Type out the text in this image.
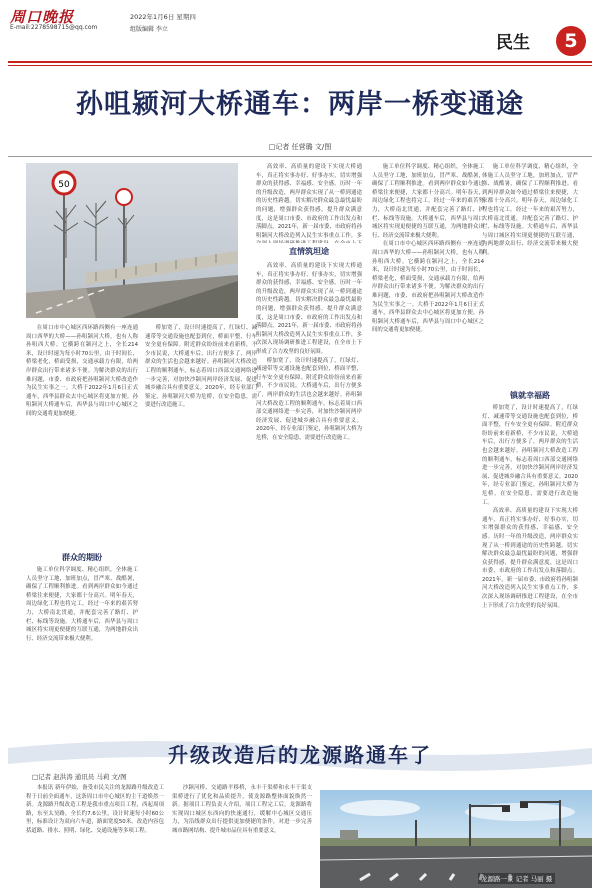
周口晚报
E-mail:2278598715@qq.com
2022年1月6日 星期四
组版编辑 李立
民生	5
孙咀颍河大桥通车：两岸一桥变通途
□记者 任营璐 文/图
50

在周口市中心城区西环路西侧有一座连通周口西华的大桥——孙咀颍河大桥，也有人称孙咀西大桥。它横跨在颍河之上，全长214米，设计时速为每小时70公里，由于时间长，桥梁老化，桥面受损，交通承载力有限，给两岸群众出行带来诸多不便。为解决群众的出行难问题，市委、市政府把孙咀颍河大桥改造作为民生实事之一。大桥于2022年1月6日正式通车，西华县群众去中心城区将更加方便。孙咀颍河大桥通车后，西华县与周口中心城区之间的交通将更加便捷。

群众的期盼

施工单位科学调度、精心组织，全体施工人员坚守工地，加班加点，冒严寒、战酷暑，确保了工程顺利推进。看到两岸群众如今通过桥梁往来便捷，大家都十分高兴。明年春天，周边绿化工程也将完工。经过一年来的艰苦努力，大桥南北贯通，并配套完善了路灯、护栏、标线等设施。大桥通车后，西华县与周口城区将实现更便捷的互联互通，为两地群众出行、经济交流带来极大便利。

桥加宽了，设计时速提高了，红绿灯、减速带等交通设施也配套到位，桥面平整，行车安全更有保障。附近群众纷纷前来看新桥，不少市民说，大桥通车后，出行方便多了，两岸群众的生活也会越来越好。孙咀颍河大桥改造工程的顺利通车，标志着周口西部交通网络进一步完善，对加快沙颍河两岸经济发展、促进城乡融合具有重要意义。2020年，经专业部门鉴定，孙咀颍河大桥为危桥，在安全隐患，需要进行改造施工。

高效率、高质量的建设下实现大桥通车，真正将实事办好、好事办实，切实增强群众的获得感、幸福感、安全感。历时一年的升级改造，两岸群众实现了从一桥到通途的历史性跨越。切实解决群众最急最忧最盼的问题，增强群众获得感，提升群众满意度，这是周口市委、市政府的工作出发点和落脚点。2021年，新一届市委、市政府将孙咀颍河大桥改造列入民生实事重点工作，多

直情筑坦途

高效率、高质量的建设下实现大桥通车，真正将实事办好、好事办实，切实增强群众的获得感、幸福感、安全感。历时一年的升级改造，两岸群众实现了从一桥到通途的历史性跨越。切实解决群众最急最忧最盼的问题，增强群众获得感，提升群众满意度，这是周口市委、市政府的工作出发点和落脚点。2021年，新一届市委、市政府将孙咀颍河大桥改造列入民生实事重点工作，多次深入现场调研推进工程建设，在全市上下形成了合力攻坚的良好氛围。

桥加宽了，设计时速提高了，红绿灯、减速带等交通设施也配套到位，桥面平整，行车安全更有保障。附近群众纷纷前来看新桥，不少市民说，大桥通车后，出行方便多了，两岸群众的生活也会越来越好。孙咀颍河大桥改造工程的顺利通车，标志着周口西部交通网络进一步完善，对加快沙颍河两岸经济发展、促进城乡融合具有重要意义。2020年，经专业部门鉴定，孙咀颍河大桥为危桥，在安全隐患，需要进行改造施工。

施工单位科学调度、精心组织，全体施工人员坚守工地，加班加点，冒严寒、战酷暑，确保了工程顺利推进。看到两岸群众如今通过桥梁往来便捷，大家都十分高兴。明年春天，周边绿化工程也将完工。经过一年来的艰苦努力，大桥南北贯通，并配套完善了路灯、护栏、标线等设施。大桥通车后，西华县与周口城区将实现更便捷的互联互通，为两地群众出行、经济交流带来极大便利。

在周口市中心城区西环路西侧有一座连通周口西华的大桥——孙咀颍河大桥，也有人称孙咀西大桥。它横跨在颍河之上，全长214米，设计时速为每小时70公里，由于时间长，桥梁老化，桥面受损，交通承载力有限，给两岸群众出行带来诸多不便。为解决群众的出行难问题，市委、市政府把孙咀颍河大桥改造作为民生实事之一。大桥于2022年1月6日正式通车，西华县群众去中心城区将更加方便。孙咀颍河大桥通车后，西华县与周口中心城区之间的交通将更加便捷。

施工单位科学调度、精心组织，全体施工人员坚守工地，加班加点，冒严寒、战酷暑，确保了工程顺利推进。看到两岸群众如今通过桥梁往来便捷，大家都十分高兴。明年春天，周边绿化工程也将完工。经过一年来的艰苦努力，大桥南北贯通，并配套完善了路灯、护栏、标线等设施。大桥通车后，西华县与周口城区将实现更便捷的互联互通，为两地群众出行、经济交流带来极大便利。

镇就幸福路

桥加宽了，设计时速提高了，红绿灯、减速带等交通设施也配套到位，桥面平整，行车安全更有保障。附近群众纷纷前来看新桥，不少市民说，大桥通车后，出行方便多了，两岸群众的生活也会越来越好。孙咀颍河大桥改造工程的顺利通车，标志着周口西部交通网络进一步完善，对加快沙颍河两岸经济发展、促进城乡融合具有重要意义。2020年，经专业部门鉴定，孙咀颍河大桥为危桥，在安全隐患，需要进行改造施工。

高效率、高质量的建设下实现大桥通车，真正将实事办好、好事办实，切实增强群众的获得感、幸福感、安全感。历时一年的升级改造，两岸群众实现了从一桥到通途的历史性跨越。切实解决群众最急最忧最盼的问题，增强群众获得感，提升群众满意度，这是周口市委、市政府的工作出发点和落脚点。2021年，新一届市委、市政府将孙咀颍河大桥改造列入民生实事重点工作，多次深入现场调研推进工程建设，在全市上下形成了合力攻坚的良好氛围。

升级改造后的龙源路通车了
□记者 赵洪涛 通讯员 马莉 文/图

本报讯 新年伊始，备受市民关注的龙源路升级改造工程于日前全面通车，这条周口市中心城区的主干道焕然一新。龙源路升级改造工程是我市重点项目工程，西起周项路，东至太昊路，全长约7.6公里，设计时速每小时60公里，标准设计为双向六车道，路面宽度50米。改造内容包括道路、排水、照明、绿化、交通设施等多项工程。

沙颍河桥、交通路平移桥，永丰干渠桥和永丰干渠支渠桥进行了优化和品质提升，使龙源路整体面貌焕然一新。据项目工程负责人介绍，项目工程完工后，龙源路将实现周口城区东西向的快速通行，缓解中心城区交通压力，为沿线群众出行提供更加便捷的条件，对进一步完善城市路网结构、提升城市品位具有重要意义。

龙源路一景 记者 马丽 摄
